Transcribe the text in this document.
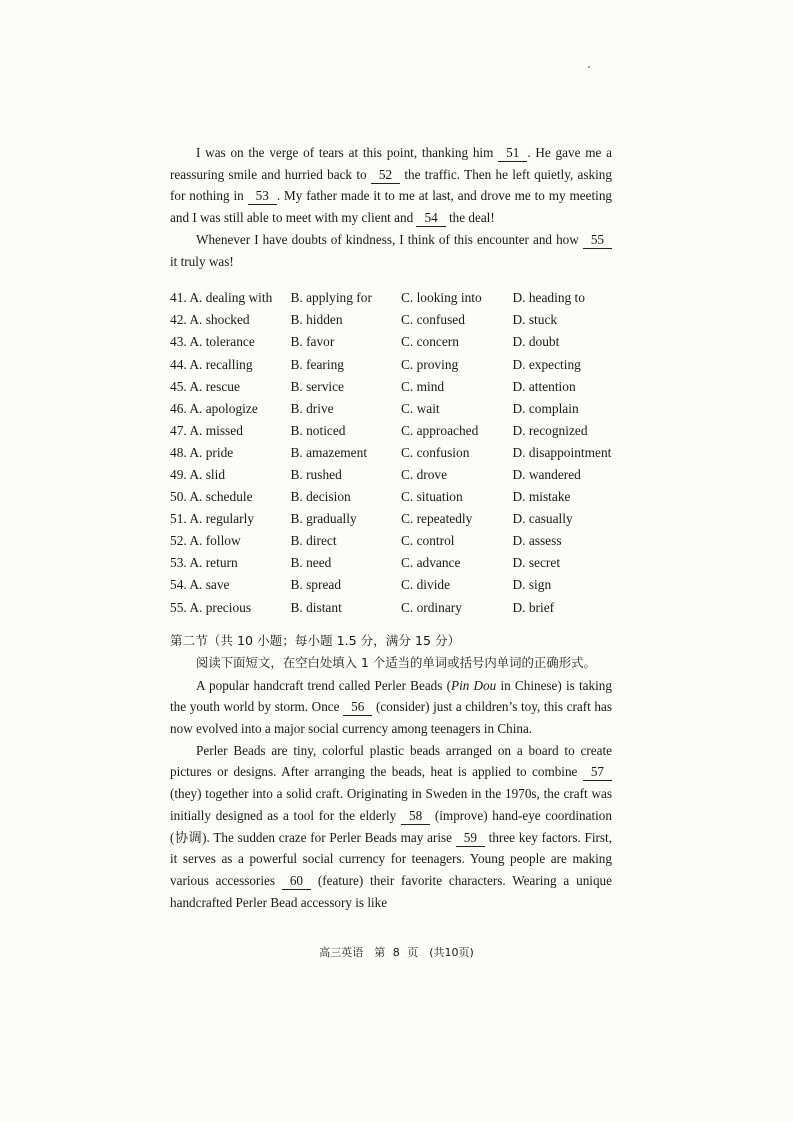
I was on the verge of tears at this point, thanking him 51 . He gave me a reassuring smile and hurried back to 52 the traffic. Then he left quietly, asking for nothing in 53 . My father made it to me at last, and drove me to my meeting and I was still able to meet with my client and 54 the deal!

Whenever I have doubts of kindness, I think of this encounter and how 55 it truly was!

41. A. dealing with	B. applying for	C. looking into	D. heading to
42. A. shocked	B. hidden	C. confused	D. stuck
43. A. tolerance	B. favor	C. concern	D. doubt
44. A. recalling	B. fearing	C. proving	D. expecting
45. A. rescue	B. service	C. mind	D. attention
46. A. apologize	B. drive	C. wait	D. complain
47. A. missed	B. noticed	C. approached	D. recognized
48. A. pride	B. amazement	C. confusion	D. disappointment
49. A. slid	B. rushed	C. drove	D. wandered
50. A. schedule	B. decision	C. situation	D. mistake
51. A. regularly	B. gradually	C. repeatedly	D. casually
52. A. follow	B. direct	C. control	D. assess
53. A. return	B. need	C. advance	D. secret
54. A. save	B. spread	C. divide	D. sign
55. A. precious	B. distant	C. ordinary	D. brief
第二节（共 10 小题；每小题 1.5 分，满分 15 分）
阅读下面短文，在空白处填入 1 个适当的单词或括号内单词的正确形式。

A popular handcraft trend called Perler Beads (Pin Dou in Chinese) is taking the youth world by storm. Once 56 (consider) just a children’s toy, this craft has now evolved into a major social currency among teenagers in China.

Perler Beads are tiny, colorful plastic beads arranged on a board to create pictures or designs. After arranging the beads, heat is applied to combine 57 (they) together into a solid craft. Originating in Sweden in the 1970s, the craft was initially designed as a tool for the elderly 58 (improve) hand-eye coordination (协调). The sudden craze for Perler Beads may arise 59 three key factors. First, it serves as a powerful social currency for teenagers. Young people are making various accessories 60 (feature) their favorite characters. Wearing a unique handcrafted Perler Bead accessory is like

高三英语　第 8 页　(共10页)
